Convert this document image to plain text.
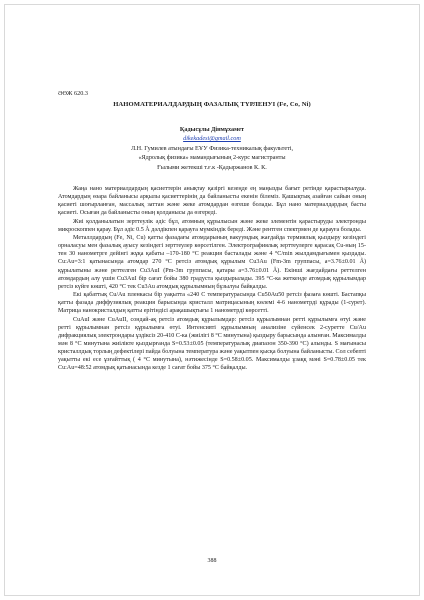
ӘӨЖ 620.3
НАНОМАТЕРИАЛДАРДЫҢ ФАЗАЛЫҚ ТҮРЛЕНУІ (Fe, Co, Ni)
Қадысұлы Дінмұхамет
dikekadesi@gmail.com
Л.Н. Гумилев атындағы ЕҰУ Физика-техникалық факультеті,
«Ядролық физика» мамандығының 2-курс магистранты
Ғылыми жетекші т.ғ.к -Қадыржанов К. К.

Жаңа нано материалдардың қасиеттерін анықтау қазіргі кезеңде ең маңызды бағыт ретінде қарастырылуда. Атомдардың өзара байланысы арқылы қасиеттерінің да байланысты екенін білеміз. Қашықтық азайған сайын оның қасиеті шоғырланған, массалық заттан және жеке атомдардан өзгеше болады. Бұл нано материалдардың басты қасиеті. Осыған да байланысты оның қолданысы да өзгереді.

Жиі қолданылатын зерттеулік әдіс бұл, атомның құрылысын және жеке элементін қарастыруды электронды микроскоппен қарау. Бұл әдіс 0.5 Å дәлдікпен қарауға мүмкіндік береді. Және рентген спектрмен де қарауға болады.

Металлдардың (Fe, Ni, Cu) қатты фазадағы атомдарының вакуумдық жағдайда термиялық қыздыру кезіндегі орналасуы мен фазалық ауысу кезіндегі зерттеулер көрсетілген. Электрографиялық зерттеулерге қарасақ Cu-ның 15-тен 30 нанометрге дейінгі жұқа қабаты –170-180 °С реакция басталады және 4 °С/min жылдамдығымен қыздады. Cu:Au=3:1 қатынасында атомдар 270 °С ретсіз атомдық құрылым Cu3Au (Fm-3m группасы, а=3.76±0.01 Å) құрылатыны және реттелген Cu3AuI (Pm-3m группасы, қатары а=3.76±0.01 Å). Екінші жағдайдағы реттелген атомдардың алу үшін Cu3AuI бір сағат бойы 380 градуста қыздырылады. 395 °С-ка жеткенде атомдық құрылымдар ретсіз күйге көшті, 420 °С тек Cu3Au атомдық құрылымның бұзылуы байқалды.

Екі қабаттық Cu/Au пленкасы бір уақытта «240 С температурасында Cu50Au50 ретсіз фазаға көшті. Бастапқы қатты фазада диффузиялық реакция барысында кристалл матрицасының көлемі 4-6 нанометрді құрады (1-сурет). Матрица нанокристалдың қатты ерітіндісі арақашықтығы 1 нанометрді көрсетті.

CuAuI және CuAuII, сондай-ақ ретсіз атомдық құрылымдар: ретсіз құрылымнан ретті құрылымға өтуі және ретті құрылымнан ретсіз құрылымға өтуі. Интенсивті құрылымның анализіне сүйенсек 2-суретте Cu/Au дифракциялық электрондары ұздіксіз 20-410 С-ка (жиілігі 8 °С минутына) қыздыру барысында алынған. Максималды мән 8 °С минутына жиілікте қыздырғанда S=0.53±0.05 (температуралық диапазон 350-390 °С) алынды. S мағынасы кристаллдық торлың дефектілері пайда болуына температура және уақытпен қысқа болуына байланысты. Сол себепті уақытты екі есе ұзғайттық ( 4 °С минутына), нәтижесінде S=0.58±0.05. Максималды ұзаққ мәні S=0.78±0.05 тек Cu:Au=48:52 атомдық қатынасында кезде 1 сағат бойы 375 °С байқалды.

388
